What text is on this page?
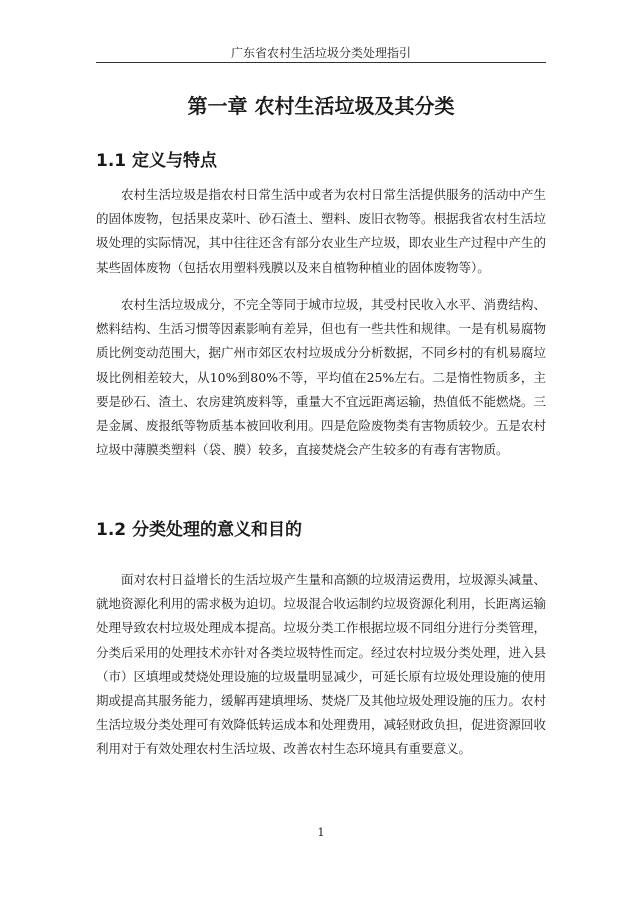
广东省农村生活垃圾分类处理指引
第一章 农村生活垃圾及其分类
1.1 定义与特点

农村生活垃圾是指农村日常生活中或者为农村日常生活提供服务的活动中产生的固体废物，包括果皮菜叶、砂石渣土、塑料、废旧衣物等。根据我省农村生活垃圾处理的实际情况，其中往往还含有部分农业生产垃圾，即农业生产过程中产生的某些固体废物（包括农用塑料残膜以及来自植物种植业的固体废物等）。

农村生活垃圾成分，不完全等同于城市垃圾，其受村民收入水平、消费结构、燃料结构、生活习惯等因素影响有差异，但也有一些共性和规律。一是有机易腐物质比例变动范围大，据广州市郊区农村垃圾成分分析数据，不同乡村的有机易腐垃圾比例相差较大，从10%到80%不等，平均值在25%左右。二是惰性物质多，主要是砂石、渣土、农房建筑废料等，重量大不宜远距离运输，热值低不能燃烧。三是金属、废报纸等物质基本被回收利用。四是危险废物类有害物质较少。五是农村垃圾中薄膜类塑料（袋、膜）较多，直接焚烧会产生较多的有毒有害物质。

1.2 分类处理的意义和目的

面对农村日益增长的生活垃圾产生量和高额的垃圾清运费用，垃圾源头减量、就地资源化利用的需求极为迫切。垃圾混合收运制约垃圾资源化利用，长距离运输处理导致农村垃圾处理成本提高。垃圾分类工作根据垃圾不同组分进行分类管理，分类后采用的处理技术亦针对各类垃圾特性而定。经过农村垃圾分类处理，进入县（市）区填埋或焚烧处理设施的垃圾量明显减少，可延长原有垃圾处理设施的使用期或提高其服务能力，缓解再建填埋场、焚烧厂及其他垃圾处理设施的压力。农村生活垃圾分类处理可有效降低转运成本和处理费用，减轻财政负担，促进资源回收利用对于有效处理农村生活垃圾、改善农村生态环境具有重要意义。

1
